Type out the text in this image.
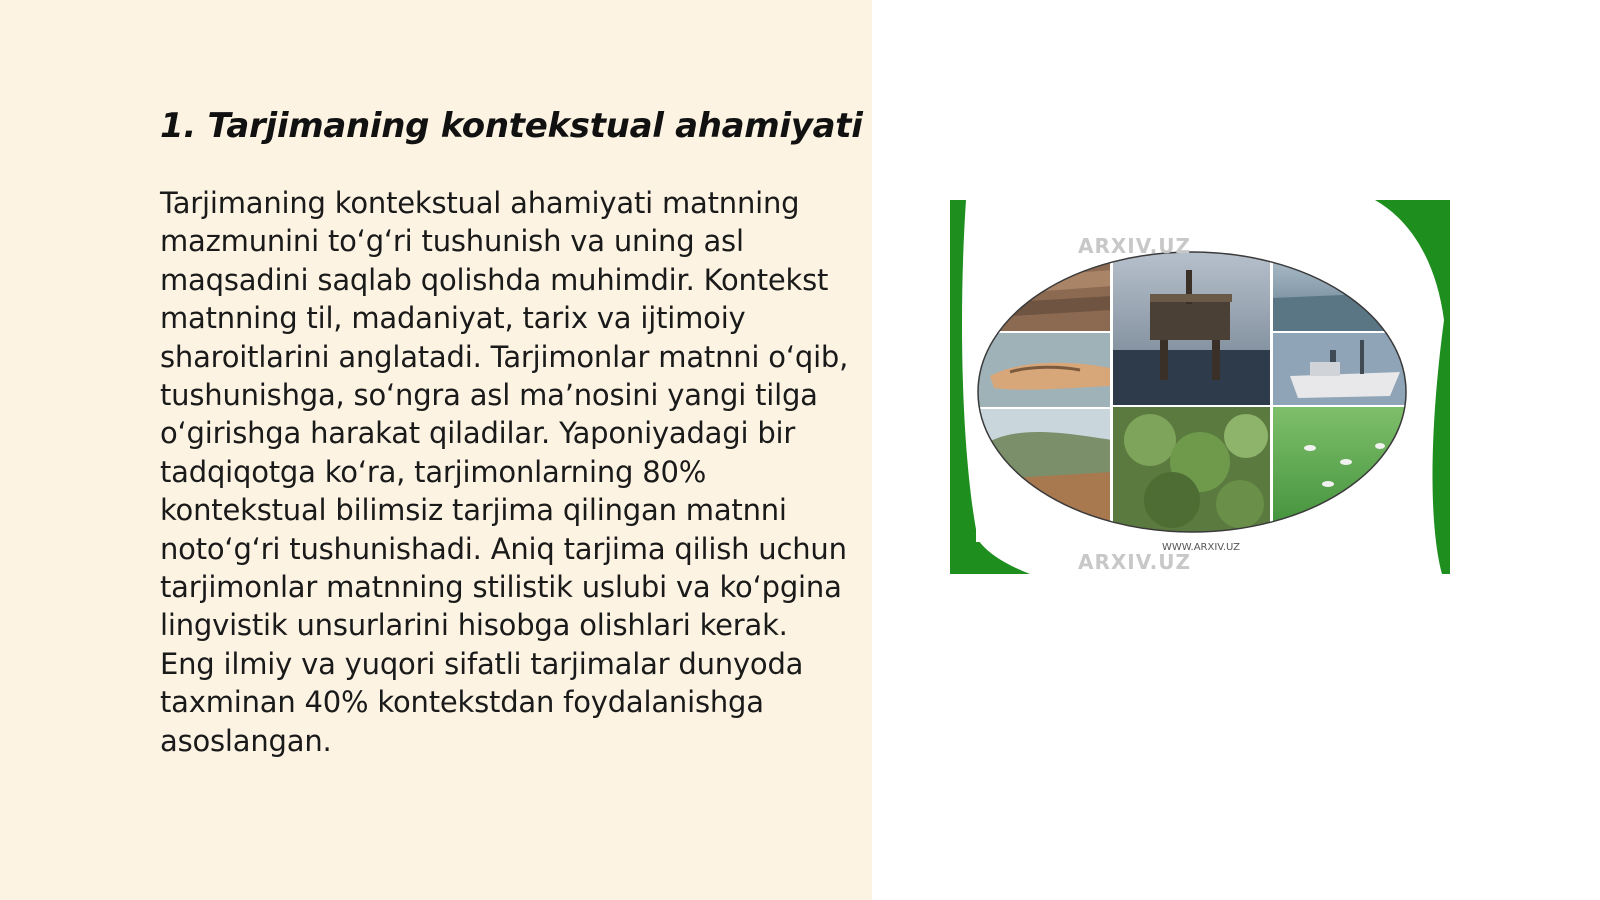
1. Tarjimaning kontekstual ahamiyati

Tarjimaning kontekstual ahamiyati matnning mazmunini to‘g‘ri tushunish va uning asl maqsadini saqlab qolishda muhimdir. Kontekst matnning til, madaniyat, tarix va ijtimoiy sharoitlarini anglatadi. Tarjimonlar matnni o‘qib, tushunishga, so‘ngra asl ma’nosini yangi tilga o‘girishga harakat qiladilar. Yaponiyadagi bir tadqiqotga ko‘ra, tarjimonlarning 80% kontekstual bilimsiz tarjima qilingan matnni noto‘g‘ri tushunishadi. Aniq tarjima qilish uchun tarjimonlar matnning stilistik uslubi va ko‘pgina lingvistik unsurlarini hisobga olishlari kerak. Eng ilmiy va yuqori sifatli tarjimalar dunyoda taxminan 40% kontekstdan foydalanishga asoslangan.

ARXIV.UZ
WWW.ARXIV.UZ
ARXIV.UZ
